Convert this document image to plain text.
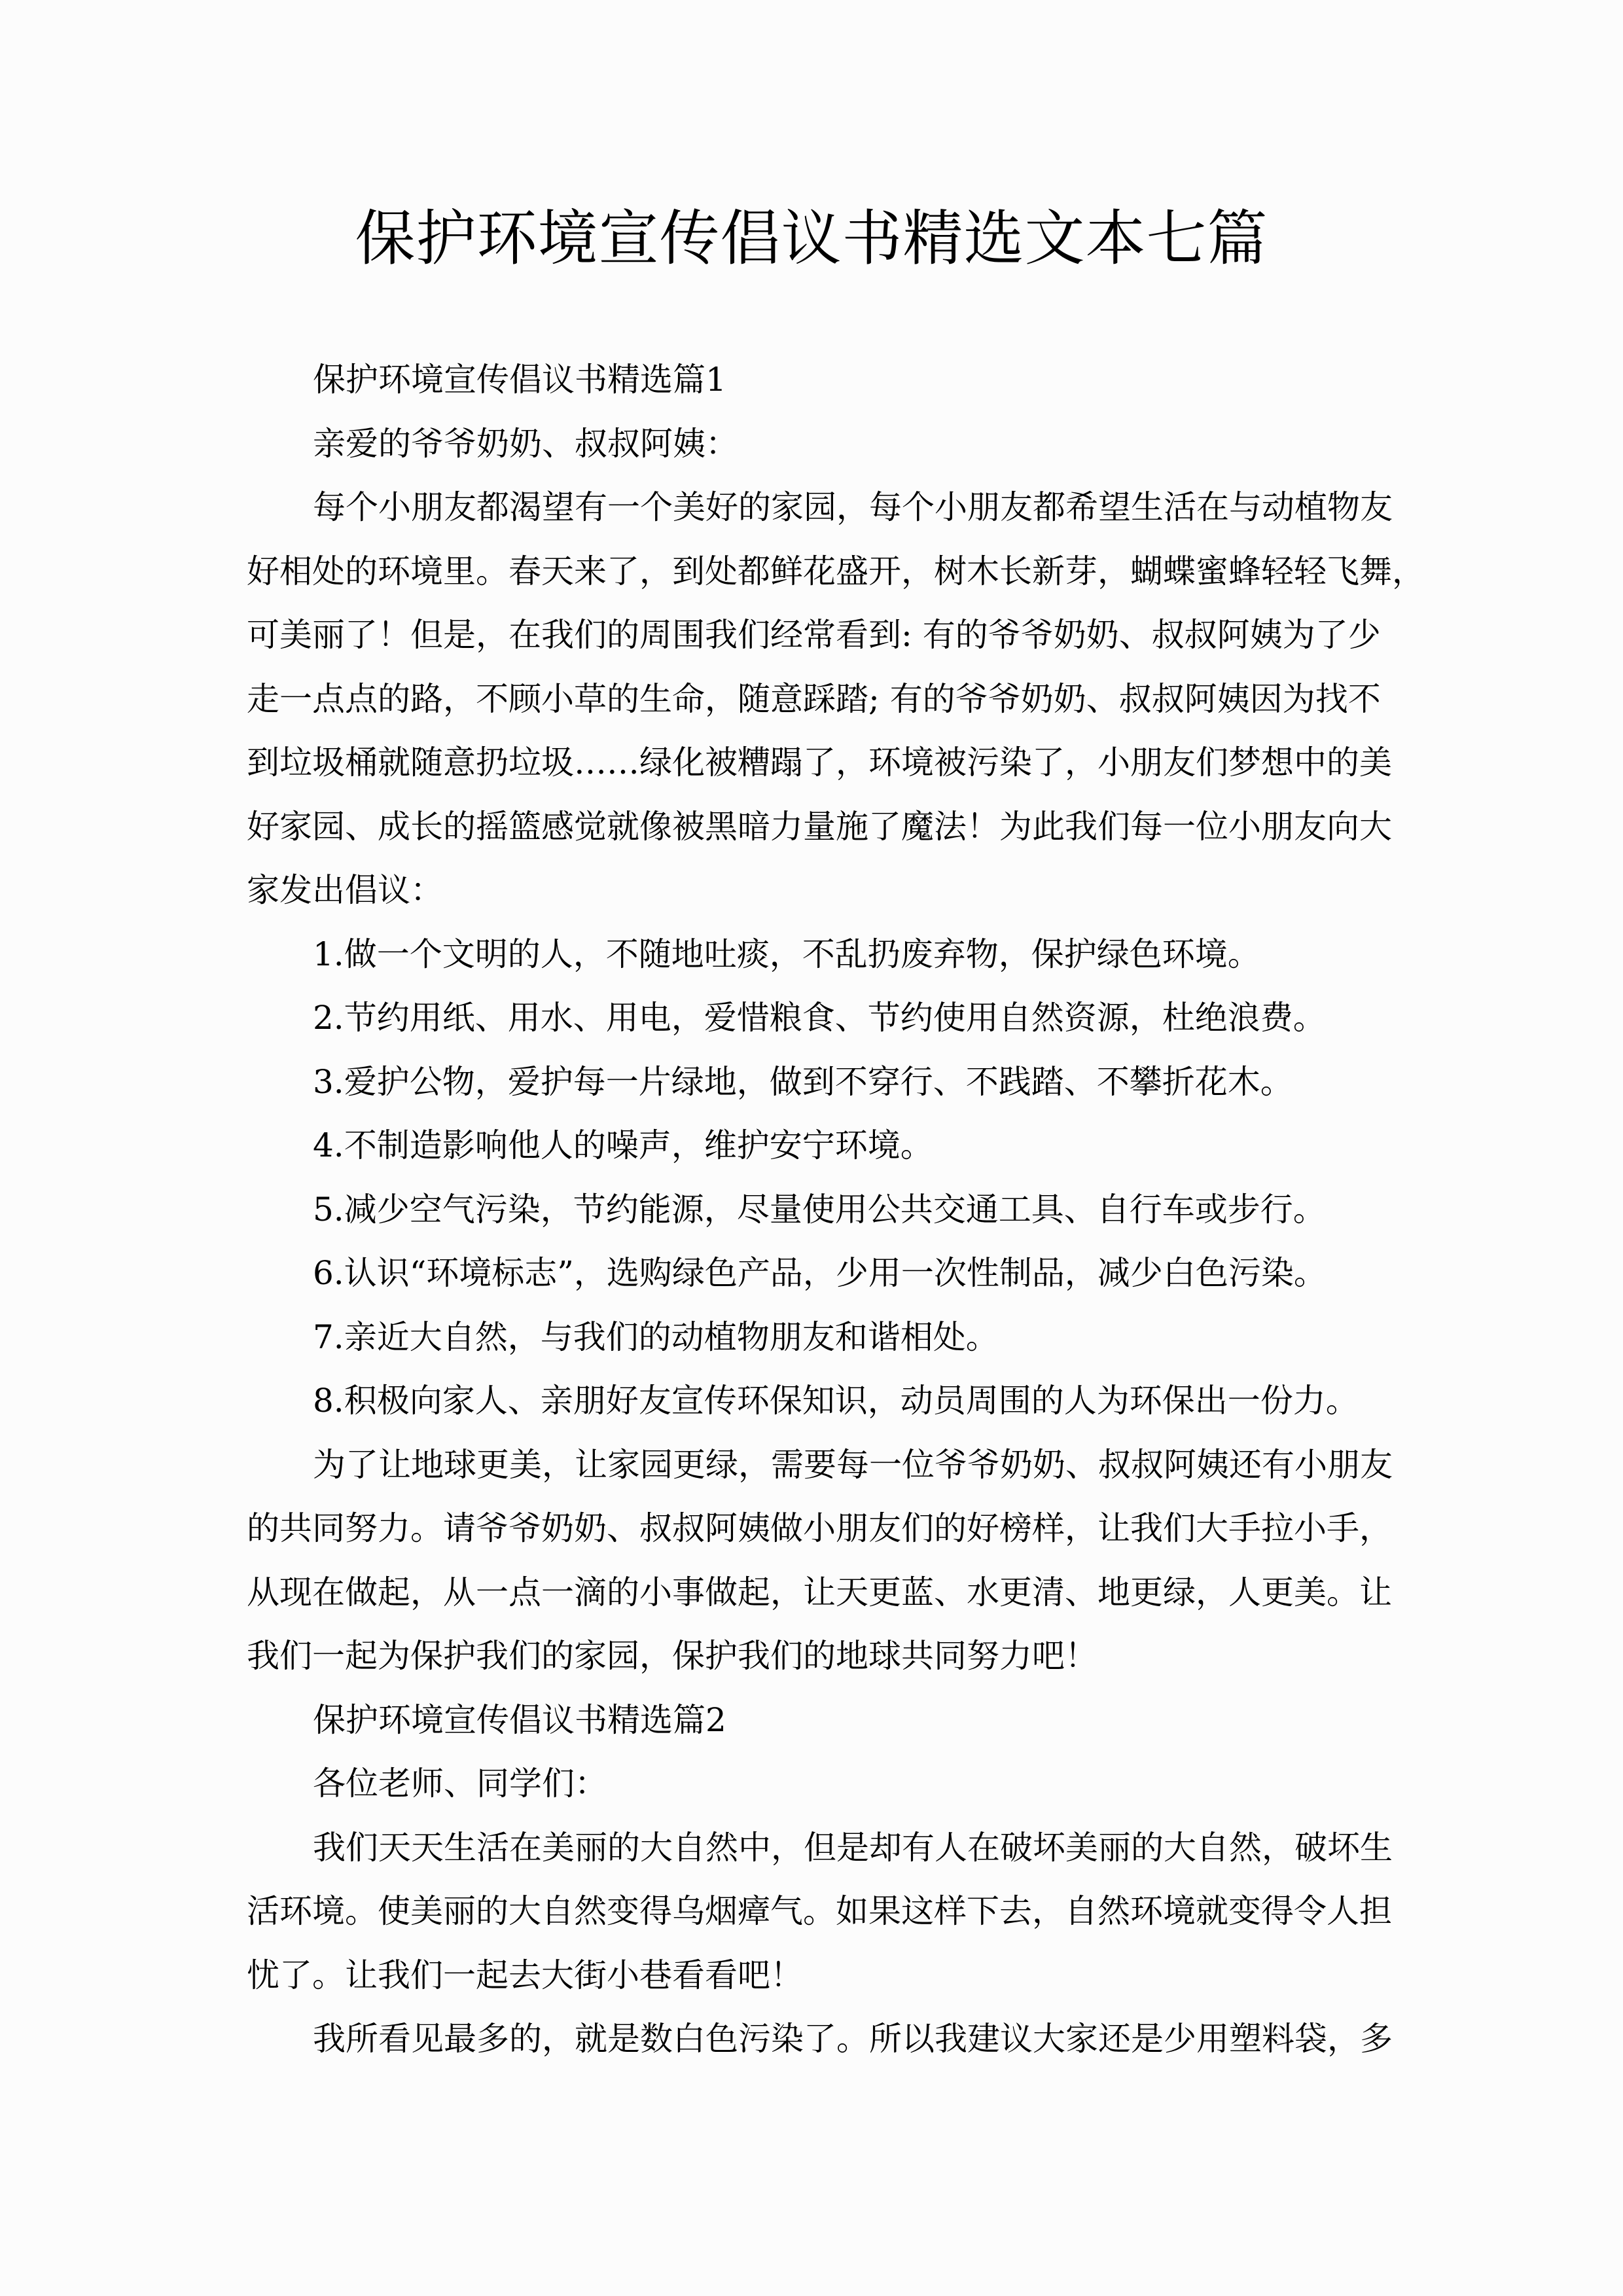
保护环境宣传倡议书精选文本七篇
保护环境宣传倡议书精选篇1
亲爱的爷爷奶奶、叔叔阿姨：
每个小朋友都渴望有一个美好的家园，每个小朋友都希望生活在与动植物友
好相处的环境里。春天来了，到处都鲜花盛开，树木长新芽，蝴蝶蜜蜂轻轻飞舞，
可美丽了！但是，在我们的周围我们经常看到: 有的爷爷奶奶、叔叔阿姨为了少
走一点点的路，不顾小草的生命，随意踩踏; 有的爷爷奶奶、叔叔阿姨因为找不
到垃圾桶就随意扔垃圾……绿化被糟蹋了，环境被污染了，小朋友们梦想中的美
好家园、成长的摇篮感觉就像被黑暗力量施了魔法！为此我们每一位小朋友向大
家发出倡议：
1.做一个文明的人，不随地吐痰，不乱扔废弃物，保护绿色环境。
2.节约用纸、用水、用电，爱惜粮食、节约使用自然资源，杜绝浪费。
3.爱护公物，爱护每一片绿地，做到不穿行、不践踏、不攀折花木。
4.不制造影响他人的噪声，维护安宁环境。
5.减少空气污染，节约能源，尽量使用公共交通工具、自行车或步行。
6.认识“环境标志”，选购绿色产品，少用一次性制品，减少白色污染。
7.亲近大自然，与我们的动植物朋友和谐相处。
8.积极向家人、亲朋好友宣传环保知识，动员周围的人为环保出一份力。
为了让地球更美，让家园更绿，需要每一位爷爷奶奶、叔叔阿姨还有小朋友
的共同努力。请爷爷奶奶、叔叔阿姨做小朋友们的好榜样，让我们大手拉小手，
从现在做起，从一点一滴的小事做起，让天更蓝、水更清、地更绿，人更美。让
我们一起为保护我们的家园，保护我们的地球共同努力吧！
保护环境宣传倡议书精选篇2
各位老师、同学们：
我们天天生活在美丽的大自然中，但是却有人在破坏美丽的大自然，破坏生
活环境。使美丽的大自然变得乌烟瘴气。如果这样下去，自然环境就变得令人担
忧了。让我们一起去大街小巷看看吧！
我所看见最多的，就是数白色污染了。所以我建议大家还是少用塑料袋，多
